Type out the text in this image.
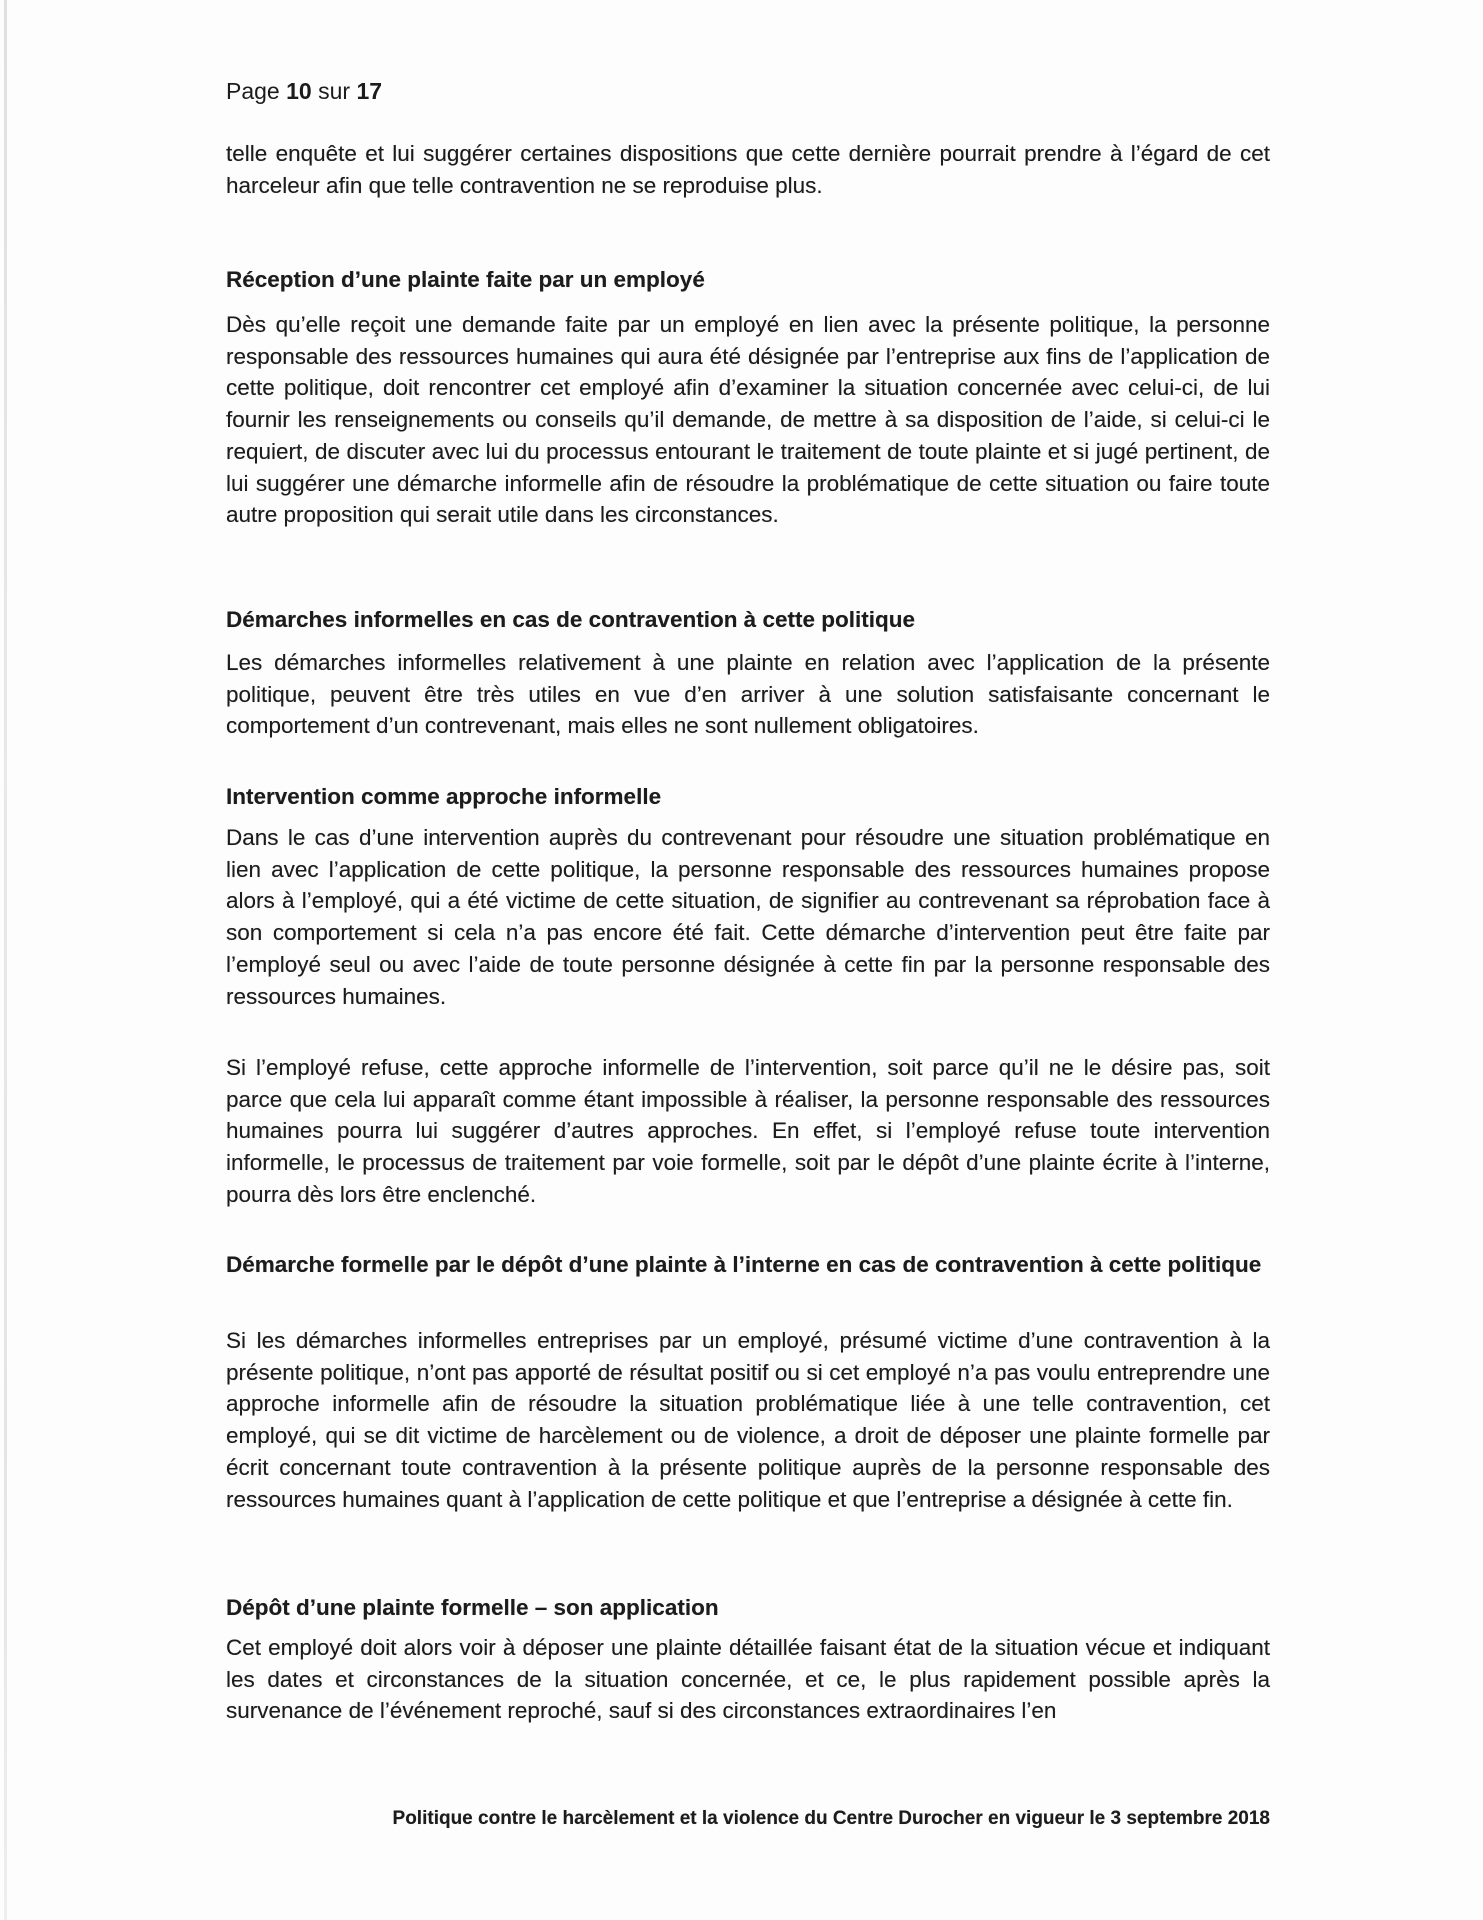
Page 10 sur 17

telle enquête et lui suggérer certaines dispositions que cette dernière pourrait prendre à l’égard de cet harceleur afin que telle contravention ne se reproduise plus.

Réception d’une plainte faite par un employé

Dès qu’elle reçoit une demande faite par un employé en lien avec la présente politique, la personne responsable des ressources humaines qui aura été désignée par l’entreprise aux fins de l’application de cette politique, doit rencontrer cet employé afin d’examiner la situation concernée avec celui-ci, de lui fournir les renseignements ou conseils qu’il demande, de mettre à sa disposition de l’aide, si celui-ci le requiert, de discuter avec lui du processus entourant le traitement de toute plainte et si jugé pertinent, de lui suggérer une démarche informelle afin de résoudre la problématique de cette situation ou faire toute autre proposition qui serait utile dans les circonstances.

Démarches informelles en cas de contravention à cette politique

Les démarches informelles relativement à une plainte en relation avec l’application de la présente politique, peuvent être très utiles en vue d’en arriver à une solution satisfaisante concernant le comportement d’un contrevenant, mais elles ne sont nullement obligatoires.

Intervention comme approche informelle

Dans le cas d’une intervention auprès du contrevenant pour résoudre une situation problématique en lien avec l’application de cette politique, la personne responsable des ressources humaines propose alors à l’employé, qui a été victime de cette situation, de signifier au contrevenant sa réprobation face à son comportement si cela n’a pas encore été fait. Cette démarche d’intervention peut être faite par l’employé seul ou avec l’aide de toute personne désignée à cette fin par la personne responsable des ressources humaines.

Si l’employé refuse, cette approche informelle de l’intervention, soit parce qu’il ne le désire pas, soit parce que cela lui apparaît comme étant impossible à réaliser, la personne responsable des ressources humaines pourra lui suggérer d’autres approches. En effet, si l’employé refuse toute intervention informelle, le processus de traitement par voie formelle, soit par le dépôt d’une plainte écrite à l’interne, pourra dès lors être enclenché.

Démarche formelle par le dépôt d’une plainte à l’interne en cas de contravention à cette politique

Si les démarches informelles entreprises par un employé, présumé victime d’une contravention à la présente politique, n’ont pas apporté de résultat positif ou si cet employé n’a pas voulu entreprendre une approche informelle afin de résoudre la situation problématique liée à une telle contravention, cet employé, qui se dit victime de harcèlement ou de violence, a droit de déposer une plainte formelle par écrit concernant toute contravention à la présente politique auprès de la personne responsable des ressources humaines quant à l’application de cette politique et que l’entreprise a désignée à cette fin.

Dépôt d’une plainte formelle – son application

Cet employé doit alors voir à déposer une plainte détaillée faisant état de la situation vécue et indiquant les dates et circonstances de la situation concernée, et ce, le plus rapidement possible après la survenance de l’événement reproché, sauf si des circonstances extraordinaires l’en

Politique contre le harcèlement et la violence du Centre Durocher en vigueur le 3 septembre 2018
